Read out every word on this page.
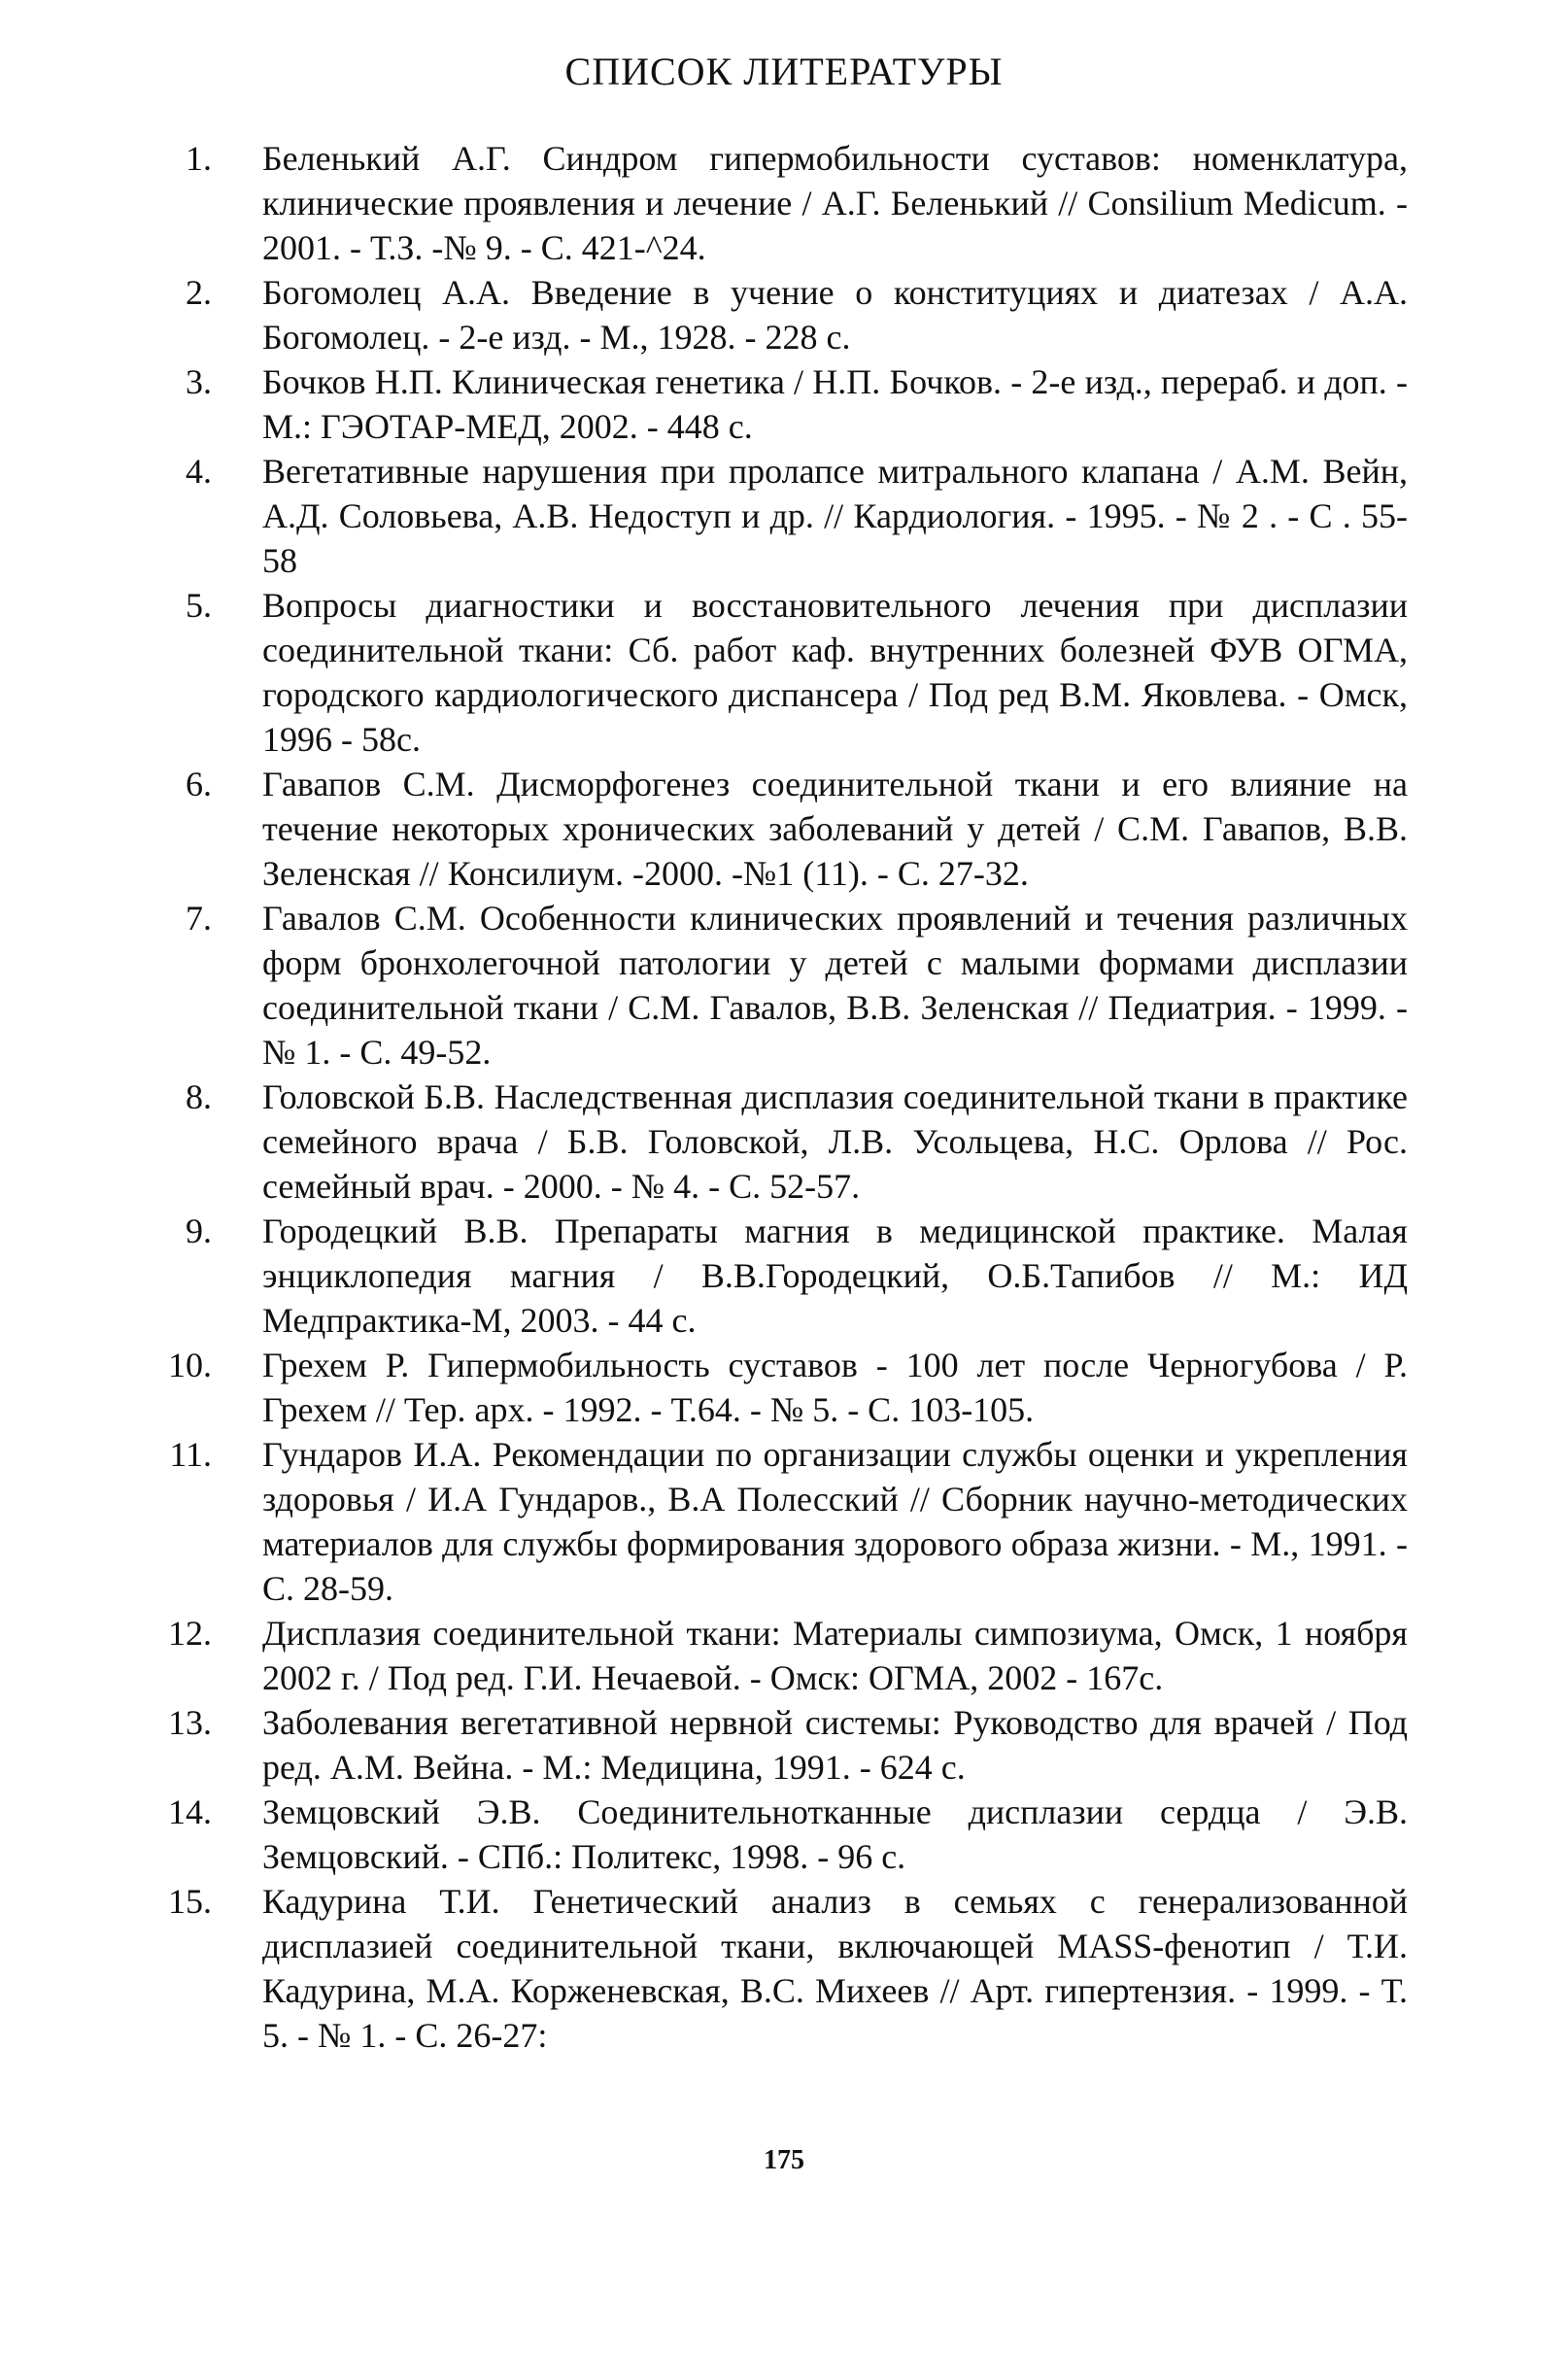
СПИСОК ЛИТЕРАТУРЫ
1. Беленький А.Г. Синдром гипермобильности суставов: номенклатура, клинические проявления и лечение / А.Г. Беленький // Consilium Medicum. - 2001. - Т.З. -№ 9. - С. 421-^24.
2. Богомолец А.А. Введение в учение о конституциях и диатезах / А.А. Богомолец. - 2-е изд. - М., 1928. - 228 с.
3. Бочков Н.П. Клиническая генетика / Н.П. Бочков. - 2-е изд., перераб. и доп. - М.: ГЭОТАР-МЕД, 2002. - 448 с.
4. Вегетативные нарушения при пролапсе митрального клапана / А.М. Вейн, А.Д. Соловьева, А.В. Недоступ и др. // Кардиология. - 1995. - № 2 . - С . 55-58
5. Вопросы диагностики и восстановительного лечения при дисплазии соединительной ткани: Сб. работ каф. внутренних болезней ФУВ ОГМА, городского кардиологического диспансера / Под ред В.М. Яковлева. - Омск, 1996 - 58с.
6. Гавапов С.М. Дисморфогенез соединительной ткани и его влияние на течение некоторых хронических заболеваний у детей / С.М. Гавапов, В.В. Зеленская // Консилиум. -2000. -№1 (11). - С. 27-32.
7. Гавалов С.М. Особенности клинических проявлений и течения различных форм бронхолегочной патологии у детей с малыми формами дисплазии соединительной ткани / С.М. Гавалов, В.В. Зеленская // Педиатрия. - 1999. - № 1. - С. 49-52.
8. Головской Б.В. Наследственная дисплазия соединительной ткани в практике семейного врача / Б.В. Головской, Л.В. Усольцева, Н.С. Орлова // Рос. семейный врач. - 2000. - № 4. - С. 52-57.
9. Городецкий В.В. Препараты магния в медицинской практике. Малая энциклопедия магния / В.В.Городецкий, О.Б.Тапибов // М.: ИД Медпрактика-М, 2003. - 44 с.
10. Грехем Р. Гипермобильность суставов - 100 лет после Черногубова / Р. Грехем // Тер. арх. - 1992. - Т.64. - № 5. - С. 103-105.
11. Гундаров И.А. Рекомендации по организации службы оценки и укрепления здоровья / И.А Гундаров., В.А Полесский // Сборник научно-методических материалов для службы формирования здорового образа жизни. - М., 1991. - С. 28-59.
12. Дисплазия соединительной ткани: Материалы симпозиума, Омск, 1 ноября 2002 г. / Под ред. Г.И. Нечаевой. - Омск: ОГМА, 2002 - 167с.
13. Заболевания вегетативной нервной системы: Руководство для врачей / Под ред. А.М. Вейна. - М.: Медицина, 1991. - 624 с.
14. Земцовский Э.В. Соединительнотканные дисплазии сердца / Э.В. Земцовский. - СПб.: Политекс, 1998. - 96 с.
15. Кадурина Т.И. Генетический анализ в семьях с генерализованной дисплазией соединительной ткани, включающей MASS-фенотип / Т.И. Кадурина, М.А. Корженевская, В.С. Михеев // Арт. гипертензия. - 1999. - Т. 5. - № 1. - С. 26-27:
175
